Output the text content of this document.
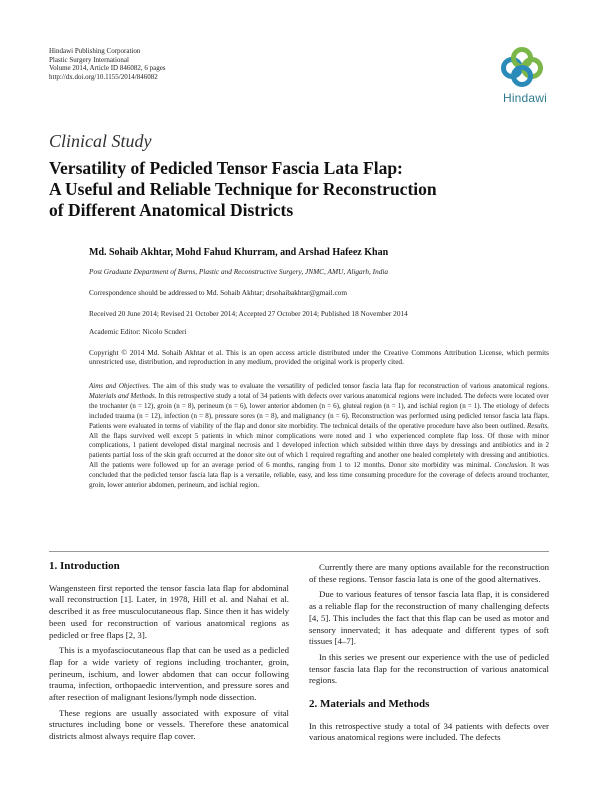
Hindawi Publishing Corporation
Plastic Surgery International
Volume 2014, Article ID 846082, 6 pages
http://dx.doi.org/10.1155/2014/846082
Hindawi
Clinical Study
Versatility of Pedicled Tensor Fascia Lata Flap:
A Useful and Reliable Technique for Reconstruction
of Different Anatomical Districts
Md. Sohaib Akhtar, Mohd Fahud Khurram, and Arshad Hafeez Khan
Post Graduate Department of Burns, Plastic and Reconstructive Surgery, JNMC, AMU, Aligarh, India
Correspondence should be addressed to Md. Sohaib Akhtar; drsohaibakhtar@gmail.com
Received 20 June 2014; Revised 21 October 2014; Accepted 27 October 2014; Published 18 November 2014
Academic Editor: Nicolo Scuderi
Copyright © 2014 Md. Sohaib Akhtar et al. This is an open access article distributed under the Creative Commons Attribution License, which permits unrestricted use, distribution, and reproduction in any medium, provided the original work is properly cited.
Aims and Objectives. The aim of this study was to evaluate the versatility of pedicled tensor fascia lata flap for reconstruction of various anatomical regions. Materials and Methods. In this retrospective study a total of 34 patients with defects over various anatomical regions were included. The defects were located over the trochanter (n = 12), groin (n = 8), perineum (n = 6), lower anterior abdomen (n = 6), gluteal region (n = 1), and ischial region (n = 1). The etiology of defects included trauma (n = 12), infection (n = 8), pressure sores (n = 8), and malignancy (n = 6). Reconstruction was performed using pedicled tensor fascia lata flaps. Patients were evaluated in terms of viability of the flap and donor site morbidity. The technical details of the operative procedure have also been outlined. Results. All the flaps survived well except 5 patients in which minor complications were noted and 1 who experienced complete flap loss. Of those with minor complications, 1 patient developed distal marginal necrosis and 1 developed infection which subsided within three days by dressings and antibiotics and in 2 patients partial loss of the skin graft occurred at the donor site out of which 1 required regrafting and another one healed completely with dressing and antibiotics. All the patients were followed up for an average period of 6 months, ranging from 1 to 12 months. Donor site morbidity was minimal. Conclusion. It was concluded that the pedicled tensor fascia lata flap is a versatile, reliable, easy, and less time consuming procedure for the coverage of defects around trochanter, groin, lower anterior abdomen, perineum, and ischial region.
1. Introduction

Wangensteen first reported the tensor fascia lata flap for abdominal wall reconstruction [1]. Later, in 1978, Hill et al. and Nahai et al. described it as free musculocutaneous flap. Since then it has widely been used for reconstruction of various anatomical regions as pedicled or free flaps [2, 3].

This is a myofasciocutaneous flap that can be used as a pedicled flap for a wide variety of regions including trochanter, groin, perineum, ischium, and lower abdomen that can occur following trauma, infection, orthopaedic intervention, and pressure sores and after resection of malignant lesions/lymph node dissection.

These regions are usually associated with exposure of vital structures including bone or vessels. Therefore these anatomical districts almost always require flap cover.

Currently there are many options available for the reconstruction of these regions. Tensor fascia lata is one of the good alternatives.

Due to various features of tensor fascia lata flap, it is considered as a reliable flap for the reconstruction of many challenging defects [4, 5]. This includes the fact that this flap can be used as motor and sensory innervated; it has adequate and different types of soft tissues [4–7].

In this series we present our experience with the use of pedicled tensor fascia lata flap for the reconstruction of various anatomical regions.

2. Materials and Methods

In this retrospective study a total of 34 patients with defects over various anatomical regions were included. The defects
